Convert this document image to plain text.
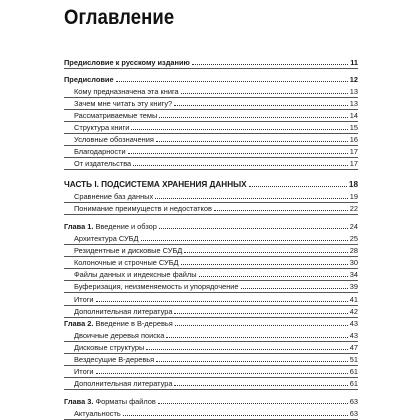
Оглавление
Предисловие к русскому изданию	11
Предисловие	12
Кому предназначена эта книга	13
Зачем мне читать эту книгу?	13
Рассматриваемые темы	14
Структура книги	15
Условные обозначения	16
Благодарности	17
От издательства	17
ЧАСТЬ I. ПОДСИСТЕМА ХРАНЕНИЯ ДАННЫХ	18
Сравнение баз данных	19
Понимание преимуществ и недостатков	22
Глава 1. Введение и обзор	24
Архитектура СУБД	25
Резидентные и дисковые СУБД	28
Колоночные и строчные СУБД	30
Файлы данных и индексные файлы	34
Буферизация, неизменяемость и упорядочение	39
Итоги	41
Дополнительная литература	42
Глава 2. Введение в B-деревья	43
Двоичные деревья поиска	43
Дисковые структуры	47
Вездесущие B-деревья	51
Итоги	61
Дополнительная литература	61
Глава 3. Форматы файлов	63
Актуальность	63
